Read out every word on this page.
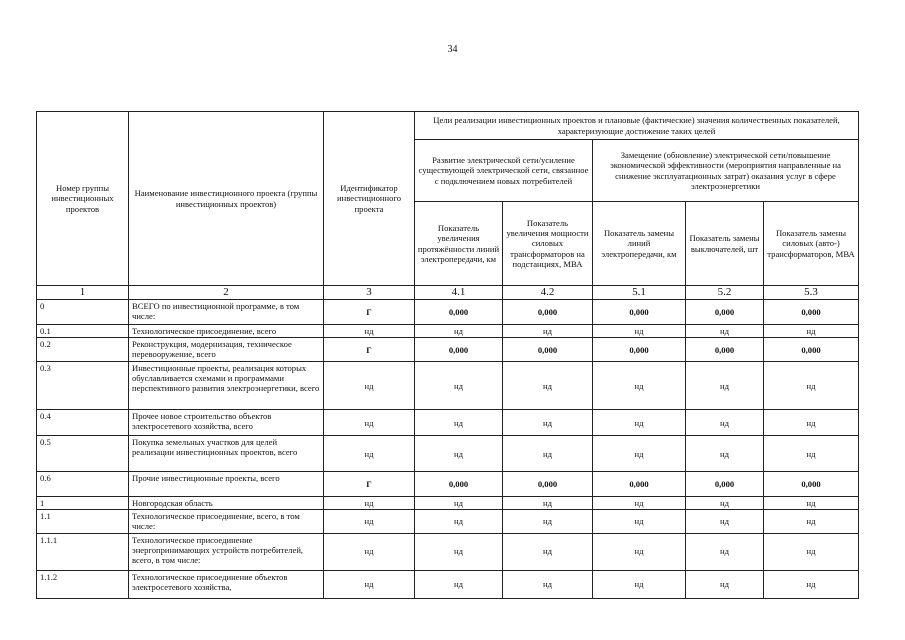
34
Номер группы инвестиционных проектов	Наименование инвестиционного проекта (группы инвестиционных проектов)	Идентификатор инвестиционного проекта	Цели реализации инвестиционных проектов и плановые (фактические) значения количественных показателей, характеризующие достижение таких целей				
			Развитие электрической сети/усиление существующей электрической сети, связанное с подключением новых потребителей		Замещение (обновление) электрической сети/повышение экономической эффективности (мероприятия направленные на снижение эксплуатационных затрат) оказания услуг в сфере электроэнергетики		
			Показатель увеличения протяжённости линий электропередачи, км	Показатель увеличения мощности силовых трансформаторов на подстанциях, МВА	Показатель замены линий электропередачи, км	Показатель замены выключателей, шт	Показатель замены силовых (авто-) трансформаторов, МВА
1	2	3	4.1	4.2	5.1	5.2	5.3
0	ВСЕГО по инвестиционной программе, в том числе:	Г	0,000	0,000	0,000	0,000	0,000
0.1	Технологическое присоединение, всего	нд	нд	нд	нд	нд	нд
0.2	Реконструкция, модернизация, техническое перевооружение, всего	Г	0,000	0,000	0,000	0,000	0,000
0.3	Инвестиционные проекты, реализация которых обуславливается схемами и программами перспективного развития электроэнергетики, всего	нд	нд	нд	нд	нд	нд
0.4	Прочее новое строительство объектов электросетевого хозяйства, всего	нд	нд	нд	нд	нд	нд
0.5	Покупка земельных участков для целей реализации инвестиционных проектов, всего	нд	нд	нд	нд	нд	нд
0.6	Прочие инвестиционные проекты, всего	Г	0,000	0,000	0,000	0,000	0,000
1	Новгородская область	нд	нд	нд	нд	нд	нд
1.1	Технологическое присоединение, всего, в том числе:	нд	нд	нд	нд	нд	нд
1.1.1	Технологическое присоединение энергопринимающих устройств потребителей, всего, в том числе:	нд	нд	нд	нд	нд	нд
1.1.2	Технологическое присоединение объектов электросетевого хозяйства,	нд	нд	нд	нд	нд	нд
